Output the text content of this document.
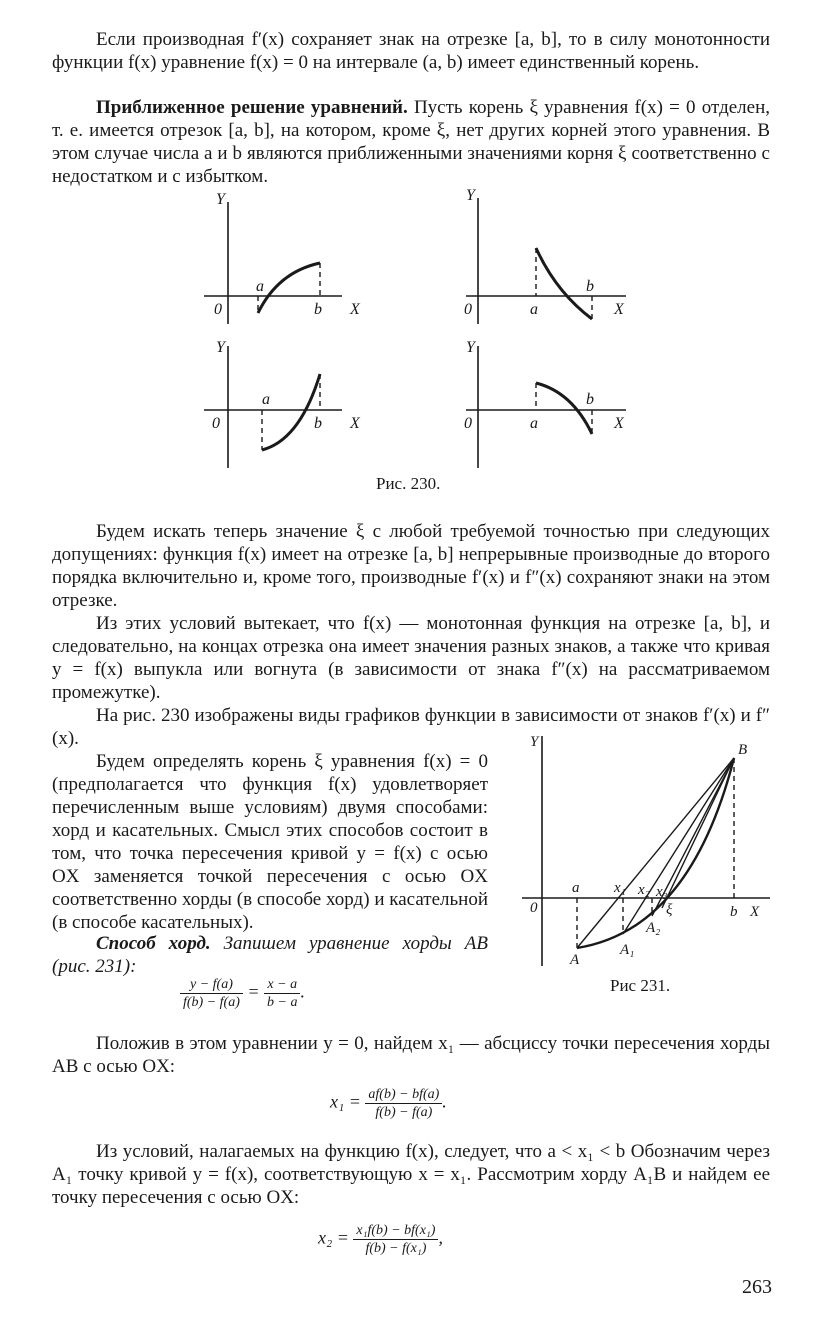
Если производная f′(x) сохраняет знак на отрезке [a, b], то в силу монотонности функции f(x) уравнение f(x) = 0 на интервале (a, b) имеет единственный корень.

Приближенное решение уравнений. Пусть корень ξ уравнения f(x) = 0 отделен, т. е. имеется отрезок [a, b], на котором, кроме ξ, нет других корней этого уравнения. В этом случае числа a и b являются приближенными значениями корня ξ соответственно с недостатком и с избытком.

Y
0	X
a
b
Y
0	X
a
b
Y
0	X
a
b
Y
0	X
a
b
Рис. 230.

Будем искать теперь значение ξ с любой требуемой точностью при следующих допущениях: функция f(x) имеет на отрезке [a, b] непрерывные производные до второго порядка включительно и, кроме того, производные f′(x) и f″(x) сохраняют знаки на этом отрезке.

Из этих условий вытекает, что f(x) — монотонная функция на отрезке [a, b], и следовательно, на концах отрезка она имеет значения разных знаков, а также что кривая y = f(x) выпукла или вогнута (в зависимости от знака f″(x) на рассматриваемом промежутке).

На рис. 230 изображены виды графиков функции в зависимости от знаков f′(x) и f″(x).

Будем определять корень ξ уравнения f(x) = 0 (предполагается что функция f(x) удовлетворяет перечисленным выше условиям) двумя способами: хорд и касательных. Смысл этих способов состоит в том, что точка пересечения кривой y = f(x) с осью OX заменяется точкой пересечения с осью OX соответственно хорды (в способе хорд) и касательной (в способе касательных).

Способ хорд. Запишем уравнение хорды AB (рис. 231):

$\frac{y - f(a)}{f(b) - f(a)} = \frac{x - a}{b - a}$ .
Y
0	X
a
b
x₁ x₂ x₃
ξ
A
A₁
A₂
B
Рис 231.

Положив в этом уравнении y = 0, найдем x₁ — абсциссу точки пересечения хорды AB с осью OX:

$x_1 = \frac{af(b) - bf(a)}{f(b) - f(a)}$ .

Из условий, налагаемых на функцию f(x), следует, что a < x₁ < b Обозначим через A₁ точку кривой y = f(x), соответствующую x = x₁. Рассмотрим хорду A₁B и найдем ее точку пересечения с осью OX:

$x_2 = \frac{\text{x₁f(b) − bf(x₁)}}{\text{f(b) − f(x₁)}}$ ,
263
